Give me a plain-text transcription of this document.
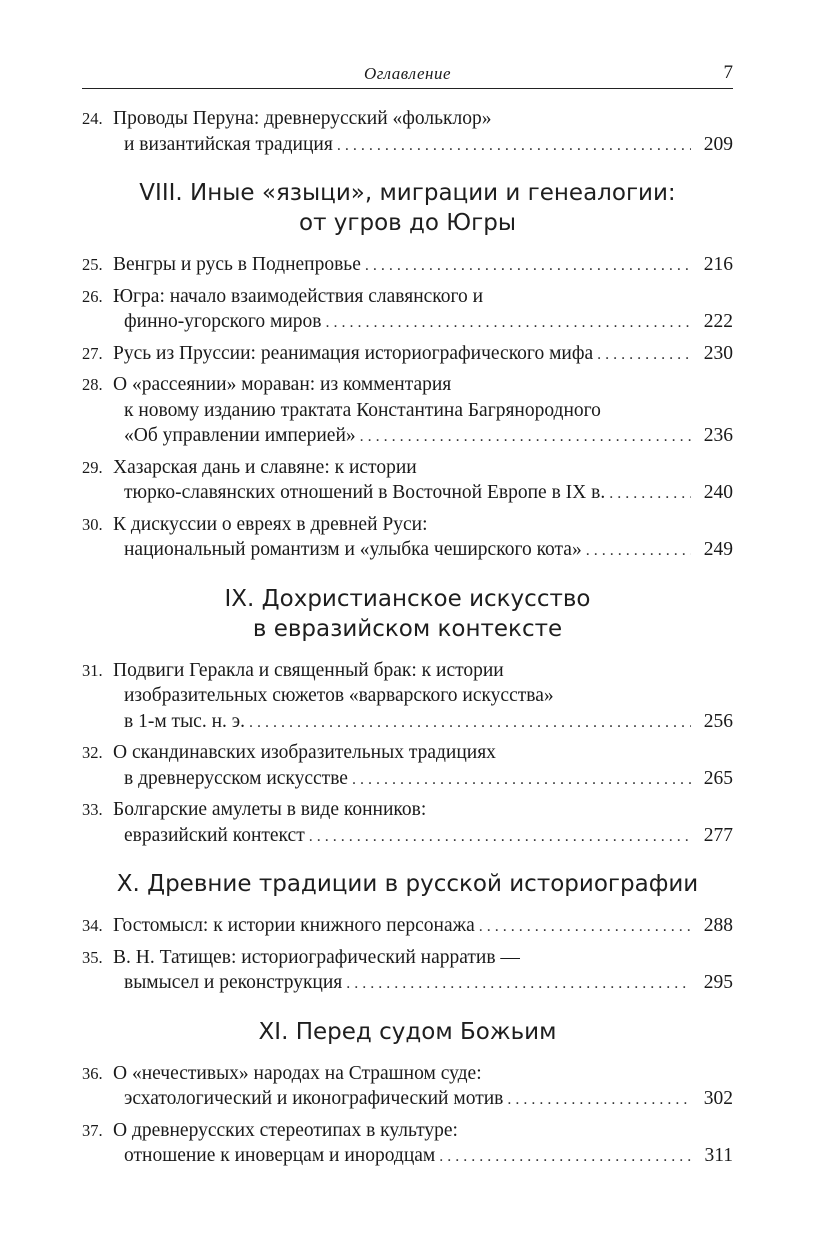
Оглавление	7
24. Проводы Перуна: древнерусский «фольклор»
и византийская традиция . . .	209
VIII. Иные «языци», миграции и генеалогии:
от угров до Югры
25. Венгры и русь в Поднепровье . . .	216
26. Югра: начало взаимодействия славянского и
финно-угорского миров . . .	222
27. Русь из Пруссии: реанимация историографического мифа . . .	230
28. О «рассеянии» мораван: из комментария
к новому изданию трактата Константина Багрянородного
«Об управлении империей» . . .	236
29. Хазарская дань и славяне: к истории
тюрко-славянских отношений в Восточной Европе в IX в. . . .	240
30. К дискуссии о евреях в древней Руси:
национальный романтизм и «улыбка чеширского кота» . . .	249
IX. Дохристианское искусство
в евразийском контексте
31. Подвиги Геракла и священный брак: к истории
изобразительных сюжетов «варварского искусства»
в 1-м тыс. н. э. . . .	256
32. О скандинавских изобразительных традициях
в древнерусском искусстве . . .	265
33. Болгарские амулеты в виде конников:
евразийский контекст . . .	277
X. Древние традиции в русской историографии
34. Гостомысл: к истории книжного персонажа . . .	288
35. В. Н. Татищев: историографический нарратив —
вымысел и реконструкция . . .	295
XI. Перед судом Божьим
36. О «нечестивых» народах на Страшном суде:
эсхатологический и иконографический мотив . . .	302
37. О древнерусских стереотипах в культуре:
отношение к иноверцам и инородцам . . .	311
